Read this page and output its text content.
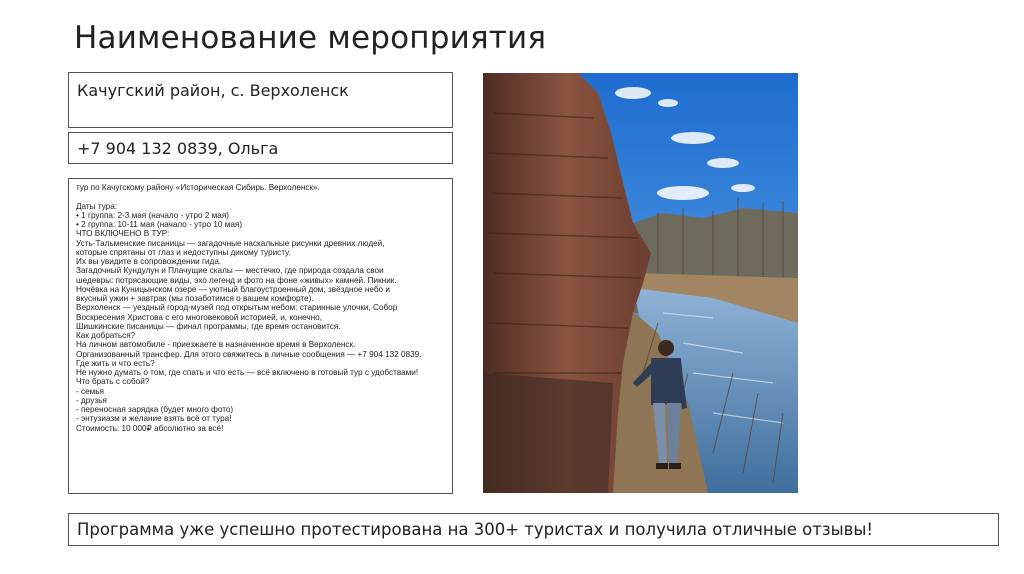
Наименование мероприятия
Качугский район, с. Верхоленск
+7 904 132 0839, Ольга
тур по Качугскому району «Историческая Сибирь. Верхоленск».

Даты тура:
• 1 группа: 2-3 мая (начало - утро 2 мая)
• 2 группа: 10-11 мая (начало - утро 10 мая)
ЧТО ВКЛЮЧЕНО В ТУР:
Усть-Тальменские писаницы — загадочные наскальные рисунки древних людей,
которые спрятаны от глаз и недоступны дикому туристу.
Их вы увидите в сопровождении гида.
Загадочный Кундулун и Плачущие скалы — местечко, где природа создала свои
шедевры: потрясающие виды, эхо легенд и фото на фоне «живых» камней. Пикник.
Ночёвка на Куницынском озере — уютный благоустроенный дом, звёздное небо и
вкусный ужин + завтрак (мы позаботимся о вашем комфорте).
Верхоленск — уездный город-музей под открытым небом: старинные улочки, Собор
Воскресения Христова с его многовековой историей, и, конечно,
Шишкинские писаницы — финал программы, где время остановится.
Как добраться?
На личном автомобиле - приезжаете в назначенное время в Верхоленск.
Организованный трансфер. Для этого свяжитесь в личные сообщения — +7 904 132 0839.
Где жить и что есть?
Не нужно думать о том, где спать и что есть — всё включено в готовый тур с удобствами!
Что брать с собой?
- семья
- друзья
- переносная зарядка (будет много фото)
- энтузиазм и желание взять всё от тура!
Стоимость: 10 000₽ абсолютно за всё!
Программа уже успешно протестирована на 300+ туристах и получила отличные отзывы!
